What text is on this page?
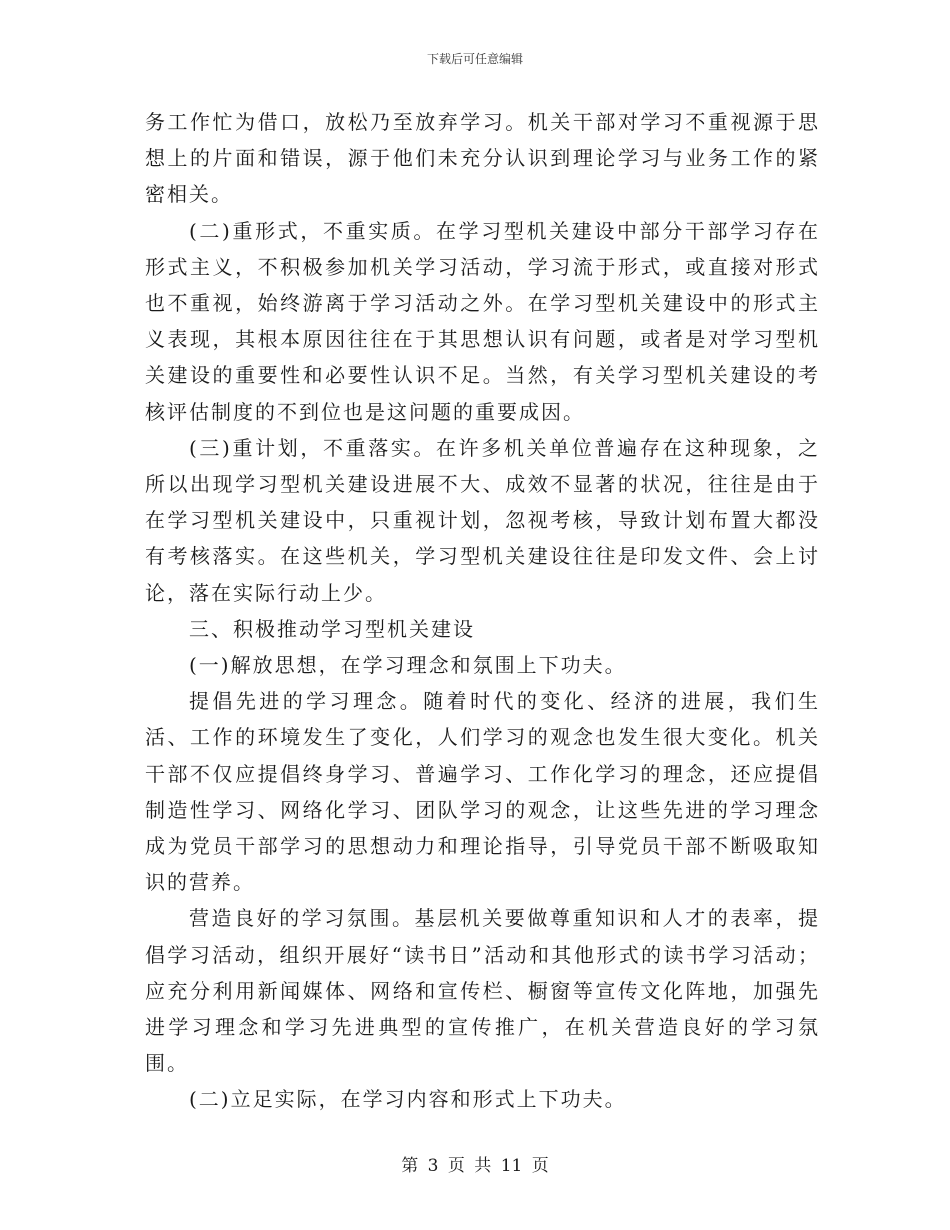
下载后可任意编辑

务工作忙为借口，放松乃至放弃学习。机关干部对学习不重视源于思想上的片面和错误，源于他们未充分认识到理论学习与业务工作的紧密相关。

(二)重形式，不重实质。在学习型机关建设中部分干部学习存在形式主义，不积极参加机关学习活动，学习流于形式，或直接对形式也不重视，始终游离于学习活动之外。在学习型机关建设中的形式主义表现，其根本原因往往在于其思想认识有问题，或者是对学习型机关建设的重要性和必要性认识不足。当然，有关学习型机关建设的考核评估制度的不到位也是这问题的重要成因。

(三)重计划，不重落实。在许多机关单位普遍存在这种现象，之所以出现学习型机关建设进展不大、成效不显著的状况，往往是由于在学习型机关建设中，只重视计划，忽视考核，导致计划布置大都没有考核落实。在这些机关，学习型机关建设往往是印发文件、会上讨论，落在实际行动上少。

三、积极推动学习型机关建设

(一)解放思想，在学习理念和氛围上下功夫。

提倡先进的学习理念。随着时代的变化、经济的进展，我们生活、工作的环境发生了变化，人们学习的观念也发生很大变化。机关干部不仅应提倡终身学习、普遍学习、工作化学习的理念，还应提倡制造性学习、网络化学习、团队学习的观念，让这些先进的学习理念成为党员干部学习的思想动力和理论指导，引导党员干部不断吸取知识的营养。

营造良好的学习氛围。基层机关要做尊重知识和人才的表率，提倡学习活动，组织开展好“读书日”活动和其他形式的读书学习活动；应充分利用新闻媒体、网络和宣传栏、橱窗等宣传文化阵地，加强先进学习理念和学习先进典型的宣传推广，在机关营造良好的学习氛围。

(二)立足实际，在学习内容和形式上下功夫。

第 3 页 共 11 页
